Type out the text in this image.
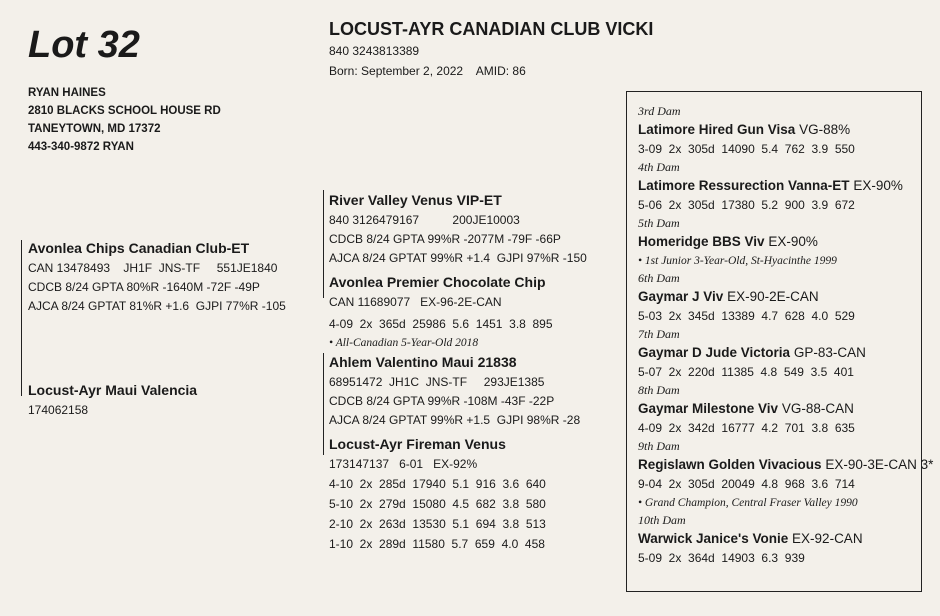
Lot 32
RYAN HAINES
2810 BLACKS SCHOOL HOUSE RD
TANEYTOWN, MD 17372
443-340-9872 RYAN
LOCUST-AYR CANADIAN CLUB VICKI
840 3243813389
Born: September 2, 2022    AMID: 86
Avonlea Chips Canadian Club-ET
CAN 13478493    JH1F  JNS-TF     551JE1840
CDCB 8/24 GPTA 80%R -1640M -72F -49P
AJCA 8/24 GPTAT 81%R +1.6  GJPI 77%R -105
Locust-Ayr Maui Valencia
174062158
River Valley Venus VIP-ET
840 3126479167          200JE10003
CDCB 8/24 GPTA 99%R -2077M -79F -66P
AJCA 8/24 GPTAT 99%R +1.4  GJPI 97%R -150
Avonlea Premier Chocolate Chip
CAN 11689077   EX-96-2E-CAN
4-09  2x  365d  25986  5.6  1451  3.8  895
• All-Canadian 5-Year-Old 2018
Ahlem Valentino Maui 21838
68951472  JH1C  JNS-TF     293JE1385
CDCB 8/24 GPTA 99%R -108M -43F -22P
AJCA 8/24 GPTAT 99%R +1.5  GJPI 98%R -28
Locust-Ayr Fireman Venus
173147137   6-01   EX-92%
4-10  2x  285d  17940  5.1  916  3.6  640
5-10  2x  279d  15080  4.5  682  3.8  580
2-10  2x  263d  13530  5.1  694  3.8  513
1-10  2x  289d  11580  5.7  659  4.0  458
3rd Dam
Latimore Hired Gun Visa VG-88%
3-09  2x  305d  14090  5.4  762  3.9  550
4th Dam
Latimore Ressurection Vanna-ET EX-90%
5-06  2x  305d  17380  5.2  900  3.9  672
5th Dam
Homeridge BBS Viv EX-90%
• 1st Junior 3-Year-Old, St-Hyacinthe 1999
6th Dam
Gaymar J Viv EX-90-2E-CAN
5-03  2x  345d  13389  4.7  628  4.0  529
7th Dam
Gaymar D Jude Victoria GP-83-CAN
5-07  2x  220d  11385  4.8  549  3.5  401
8th Dam
Gaymar Milestone Viv VG-88-CAN
4-09  2x  342d  16777  4.2  701  3.8  635
9th Dam
Regislawn Golden Vivacious EX-90-3E-CAN 3*
9-04  2x  305d  20049  4.8  968  3.6  714
• Grand Champion, Central Fraser Valley 1990
10th Dam
Warwick Janice's Vonie EX-92-CAN
5-09  2x  364d  14903  6.3  939
